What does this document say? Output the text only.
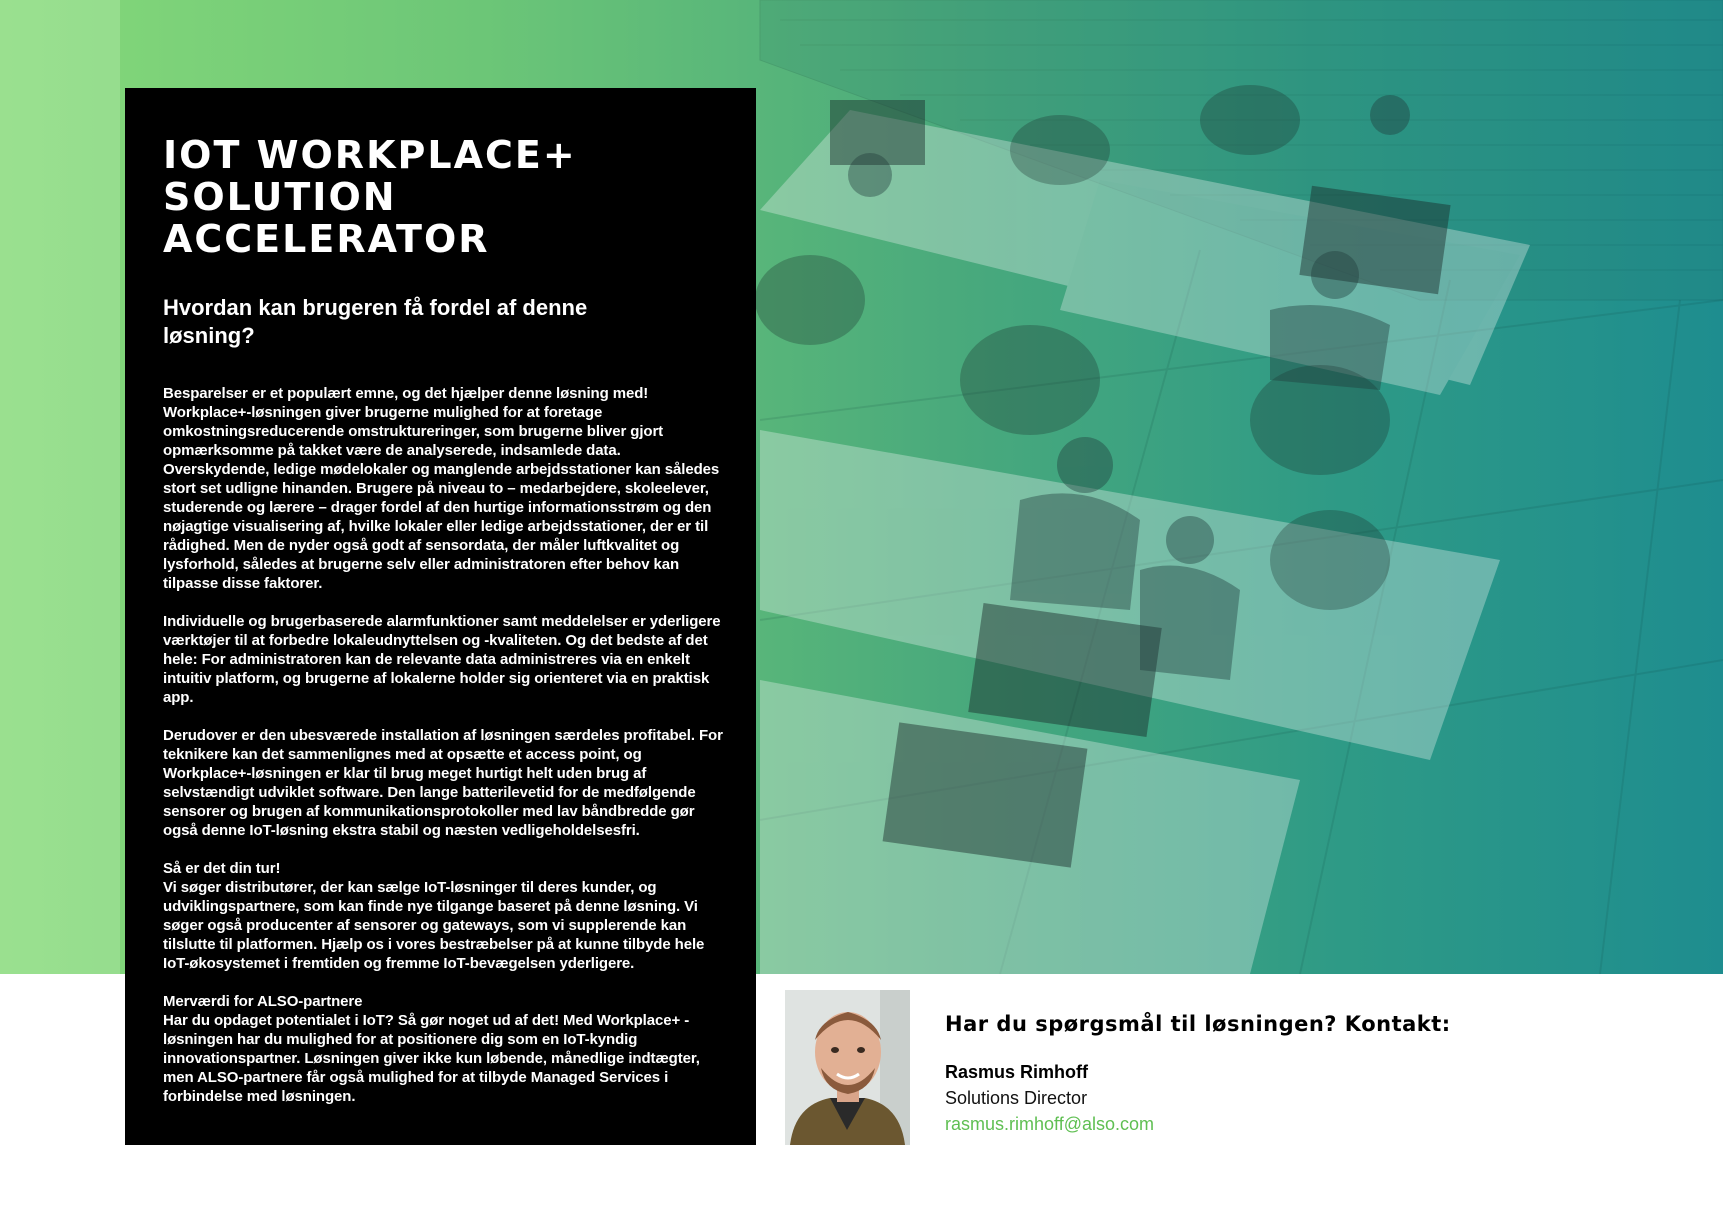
IOT WORKPLACE+
SOLUTION
ACCELERATOR
Hvordan kan brugeren få fordel af denne løsning?

Besparelser er et populært emne, og det hjælper denne løsning med! Workplace+-løsningen giver brugerne mulighed for at foretage omkostningsreducerende omstruktureringer, som brugerne bliver gjort opmærksomme på takket være de analyserede, indsamlede data. Overskydende, ledige mødelokaler og manglende arbejdsstationer kan således stort set udligne hinanden. Brugere på niveau to – medarbejdere, skoleelever, studerende og lærere – drager fordel af den hurtige informationsstrøm og den nøjagtige visualisering af, hvilke lokaler eller ledige arbejdsstationer, der er til rådighed. Men de nyder også godt af sensordata, der måler luftkvalitet og lysforhold, således at brugerne selv eller administratoren efter behov kan tilpasse disse faktorer.

Individuelle og brugerbaserede alarmfunktioner samt meddelelser er yderligere værktøjer til at forbedre lokaleudnyttelsen og -kvaliteten. Og det bedste af det hele: For administratoren kan de relevante data administreres via en enkelt intuitiv platform, og brugerne af lokalerne holder sig orienteret via en praktisk app.

Derudover er den ubesværede installation af løsningen særdeles profitabel. For teknikere kan det sammenlignes med at opsætte et access point, og Workplace+-løsningen er klar til brug meget hurtigt helt uden brug af selvstændigt udviklet software. Den lange batterilevetid for de medfølgende sensorer og brugen af kommunikationsprotokoller med lav båndbredde gør også denne IoT-løsning ekstra stabil og næsten vedligeholdelsesfri.

Så er det din tur!
Vi søger distributører, der kan sælge IoT-løsninger til deres kunder, og udviklingspartnere, som kan finde nye tilgange baseret på denne løsning. Vi søger også producenter af sensorer og gateways, som vi supplerende kan tilslutte til platformen. Hjælp os i vores bestræbelser på at kunne tilbyde hele IoT-økosystemet i fremtiden og fremme IoT-bevægelsen yderligere.

Merværdi for ALSO-partnere
Har du opdaget potentialet i IoT? Så gør noget ud af det! Med Workplace+ -løsningen har du mulighed for at positionere dig som en IoT-kyndig innovationspartner. Løsningen giver ikke kun løbende, månedlige indtægter, men ALSO-partnere får også mulighed for at tilbyde Managed Services i forbindelse med løsningen.

Har du spørgsmål til løsningen? Kontakt:
Rasmus Rimhoff
Solutions Director
rasmus.rimhoff@also.com
